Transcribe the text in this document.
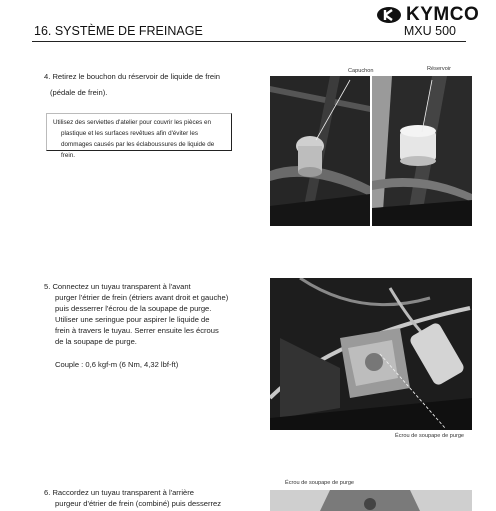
KYMCO
16. SYSTÈME DE FREINAGE	MXU 500
4. Retirez le bouchon du réservoir de liquide de frein
(pédale de frein).
Utilisez des serviettes d'atelier pour couvrir les pièces en
plastique et les surfaces revêtues afin d'éviter les
dommages causés par les éclaboussures de liquide de frein.
Capuchon	Réservoir
5. Connectez un tuyau transparent à l'avant
purger l'étrier de frein (étriers avant droit et gauche)
puis desserrer l'écrou de la soupape de purge.
Utiliser une seringue pour aspirer le liquide de
frein à travers le tuyau. Serrer ensuite les écrous
de la soupape de purge.
Couple : 0,6 kgf-m (6 Nm, 4,32 lbf-ft)
Écrou de soupape de purge
6. Raccordez un tuyau transparent à l'arrière
purgeur d'étrier de frein (combiné) puis desserrez
Écrou de soupape de purge
